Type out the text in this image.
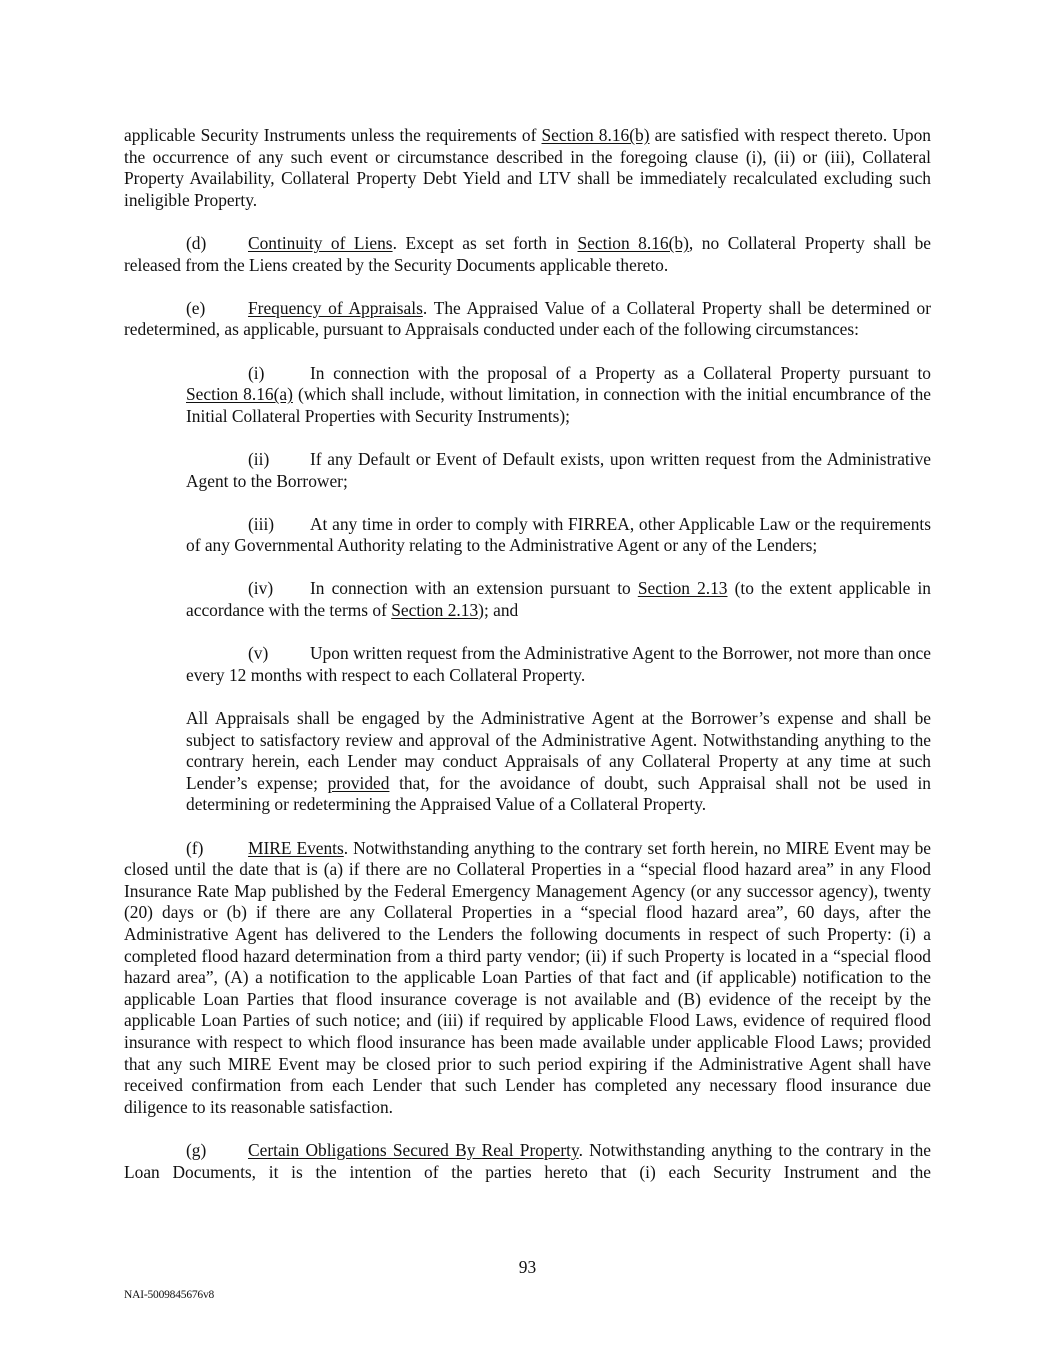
applicable Security Instruments unless the requirements of Section 8.16(b) are satisfied with respect thereto. Upon the occurrence of any such event or circumstance described in the foregoing clause (i), (ii) or (iii), Collateral Property Availability, Collateral Property Debt Yield and LTV shall be immediately recalculated excluding such ineligible Property.

(d) Continuity of Liens. Except as set forth in Section 8.16(b), no Collateral Property shall be released from the Liens created by the Security Documents applicable thereto.

(e) Frequency of Appraisals. The Appraised Value of a Collateral Property shall be determined or redetermined, as applicable, pursuant to Appraisals conducted under each of the following circumstances:

(i)	In connection with the proposal of a Property as a Collateral Property pursuant to Section 8.16(a) (which shall include, without limitation, in connection with the initial encumbrance of the Initial Collateral Properties with Security Instruments);

(ii) If any Default or Event of Default exists, upon written request from the Administrative Agent to the Borrower;

(iii) At any time in order to comply with FIRREA, other Applicable Law or the requirements of any Governmental Authority relating to the Administrative Agent or any of the Lenders;

(iv) In connection with an extension pursuant to Section 2.13 (to the extent applicable in accordance with the terms of Section 2.13); and

(v) Upon written request from the Administrative Agent to the Borrower, not more than once every 12 months with respect to each Collateral Property.

All Appraisals shall be engaged by the Administrative Agent at the Borrower’s expense and shall be subject to satisfactory review and approval of the Administrative Agent. Notwithstanding anything to the contrary herein, each Lender may conduct Appraisals of any Collateral Property at any time at such Lender’s expense; provided that, for the avoidance of doubt, such Appraisal shall not be used in determining or redetermining the Appraised Value of a Collateral Property.

(f)	MIRE Events. Notwithstanding anything to the contrary set forth herein, no MIRE Event may be closed until the date that is (a) if there are no Collateral Properties in a “special flood hazard area” in any Flood Insurance Rate Map published by the Federal Emergency Management Agency (or any successor agency), twenty (20) days or (b) if there are any Collateral Properties in a “special flood hazard area”, 60 days, after the Administrative Agent has delivered to the Lenders the following documents in respect of such Property: (i) a completed flood hazard determination from a third party vendor; (ii) if such Property is located in a “special flood hazard area”, (A) a notification to the applicable Loan Parties of that fact and (if applicable) notification to the applicable Loan Parties that flood insurance coverage is not available and (B) evidence of the receipt by the applicable Loan Parties of such notice; and (iii) if required by applicable Flood Laws, evidence of required flood insurance with respect to which flood insurance has been made available under applicable Flood Laws; provided that any such MIRE Event may be closed prior to such period expiring if the Administrative Agent shall have received confirmation from each Lender that such Lender has completed any necessary flood insurance due diligence to its reasonable satisfaction.

(g) Certain Obligations Secured By Real Property. Notwithstanding anything to the contrary in the Loan Documents, it is the intention of the parties hereto that (i) each Security Instrument and the

93
NAI-5009845676v8
